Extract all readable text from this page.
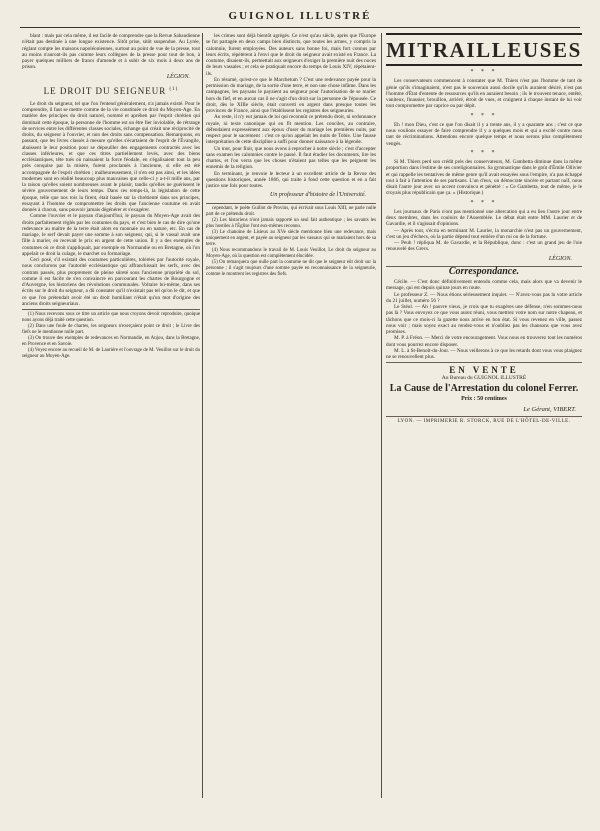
GUIGNOL ILLUSTRÉ

blant : mais par cela même, il est facile de comprendre que la Revue Sabaudienne n'était pas destinée à une longue existence. Sitôt prise, sitôt suspendue. Au Lyrée, réglant compte les maisons napoléoniennes, surtout au point de vue de la presse, tout au moins n'auront-ils pas comme leurs collègues de la presse pour tout de bon, à payer quelques milliers de francs d'amende et à subir de six mois à deux ans de prison.

LÉGION.
LE DROIT DU SEIGNEUR $^{(1)}$

Le droit du seigneur, tel que l'on l'entend généralement, n'a jamais existé. Pour le comprendre, il faut se mettre comme de la vie constituée ce droit du Moyen-Age. En matière des principes du droit naturel, nommé et apréhen par l'esprit chrétien qui dominait cette époque, la personne de l'homme est un être fier inviolable, de rétrange de services entre les différentes classes sociales, échange qui créait une réciprocité de droits, du seigneur à l'ouvrier, et non des droits sans compensation. Remarquons, en passant, que les livres classés à mesure qu'elles s'écartaient de l'esprit de l'Évangile, abaissent le leur position pour se dépouiller des engagements contractés avec les classes inférieures, et que ces titres partiellement levés, avec des biens ecclésiastiques, tête tués où naissaient la force féodale, en s'égalisaient tout la peu près conquise par la misère, furent proclamés à l'ancienne, si elle est été accompagnée de l'esprit chrétien ; malheureusement, il n'en est pas ainsi, et les idées modernes sont en réalité beaucoup plus mauvaises que celle-ci y a-t-il mille ans, par la raison qu'elles soient nombreuses avant le plaisir, tandis qu'elles ne guérissent le sévère gouvernement de leurs temps. Dans ces temps-là, la législation de cette époque, telle que nos rois la firent, était basée sur la chrétienté dans ses principes, essayant à l'homme de compromettre les droits que l'ancienne coutume en avait donnés à chacun, sans pouvoir jamais dégénérer et s'exagérer.

Comme l'ouvrier et le paysan d'aujourd'hui, le paysan du Moyen-Age avait des droits parfaitement réglés par les coutumes du pays, et c'est bien le cas de dire qu'une redevance au maître de la terre était alors en monnaie ou en nature, etc. En cas de mariage, le serf devait payer une somme à son seigneur, qui, si le vassal avait une fille à marier, en recevait le prix en argent de cette union. Il y a des exemples de coutumes où ce droit s'appliquait, par exemple en Normandie ou en Bretagne, où l'on appelait ce droit la culage, le marchet ou formariage.

Ceci posé, s'il existait des coutumes particulières, tolérées par l'autorité royale, nous conclurons par l'autorité ecclésiastique qui affranchissait les serfs, avec des contrats passés, plus proprement de pleine sûreté sous l'ancienne propriété du sol, comme il est facile de s'en convaincre en parcourant les chartes de Bourgogne et d'Auvergne, les historiens des révolutions communales. Voltaire lui-même, dans ses écrits sur le droit du seigneur, a dû constater qu'il n'existait pas tel qu'on le dit, et que ce que l'on prétendait avoir été un droit humiliant n'était qu'un mot d'origine des anciens droits seigneuriaux.

(1) Nous recevons sous ce titre un article que nous croyons devoir reproduire, quoique nous ayons déjà traité cette question.

(2) Dans une foule de chartes, les seigneurs n'exerçaient point ce droit ; le Livre des fiefs ne le mentionne nulle part.

(3) On trouve des exemples de redevances en Normandie, en Anjou, dans la Bretagne, en Provence et en Savoie.

(4) Voyez encore au recueil de M. de Laurière et l'ouvrage de M. Veuillot sur le droit du seigneur au Moyen-Age.

les crimes sont déjà bientôt agrégés. Ce n'est qu'au siècle, après que l'Europe se fut partagée en deux camps bien distincts, que toutes les armes, y compris la calomnie, furent employées. Des auteurs sans bonne foi, mais fort connus par leurs écrits, répétèrent à l'envi que le droit du seigneur avait existé en France. La coutume, disaient-ils, permettait aux seigneurs d'exiger la première nuit des noces de leurs vassales ; et cela se pratiquait encore du temps de Louis XIV, répétaient-ils.

En résumé, qu'est-ce que le Marchetum ? C'est une redevance payée pour la permission du mariage, de la sortie d'une terre, et non une chose infâme. Dans les campagnes, les paysans le payaient au seigneur pour l'autorisation de se marier hors du fief, et en aucun cas il ne s'agit d'un droit sur la personne de l'épousée. Ce droit, dès le XIIIe siècle, était converti en argent dans presque toutes les provinces de France, ainsi que l'établissent les registres des seigneuries.

Au reste, il n'y eut jamais de loi qui reconnût ce prétendu droit, ni ordonnance royale, ni texte canonique qui en fît mention. Les conciles, au contraire, défendaient expressément aux époux d'user du mariage les premières nuits, par respect pour le sacrement : c'est ce qu'on appelait les nuits de Tobie. Une fausse interprétation de cette discipline a suffi pour donner naissance à la légende.

Un mot, pour finir, que nous avons à reprocher à notre siècle ; c'est d'accepter sans examen les calomnies contre le passé. Il faut étudier les documents, lire les chartes, et l'on verra que les choses n'étaient pas telles que les peignent les ennemis de la religion.

En terminant, je renvoie le lecteur à un excellent article de la Revue des questions historiques, année 1866, qui traite à fond cette question et en a fait justice une fois pour toutes.

Un professeur d'histoire de l'Université.

cependant, le poète Guillot de Provins, qui écrivait sous Louis XIII, ne parle nulle part de ce prétendu droit.

(2) Les historiens n'ont jamais rapporté un seul fait authentique ; les savants les plus hostiles à l'Église l'ont eux-mêmes reconnu.

(3) Le chanoine de Lisieux au XVe siècle mentionne bien une redevance, mais uniquement en argent, et payée au seigneur par les vassaux qui se mariaient hors de sa terre.

(4) Nous recommandons le travail de M. Louis Veuillot, Le droit du seigneur au Moyen-Age, où la question est complètement élucidée.

(5) On remarquera que nulle part la coutume ne dit que le seigneur eût droit sur la personne ; il s'agit toujours d'une somme payée en reconnaissance de la seigneurie, comme le montrent les registres des fiefs.

MITRAILLEUSES
* * *

Les conservateurs commencent à constater que M. Thiers n'est pas l'homme de tant de génie qu'ils s'imaginaient, n'est pas le souverain aussi docile qu'ils auraient désiré, n'est pas l'homme d'État d'entente de ressources qu'ils en auraient besoin ; ils le trouvent tenace, entêté, vaniteux, finassier, brouillon, arriéré, étroit de vues, et craignent à chaque instant de lui voir tout compromettre par caprice ou par dépit.

* * *

Eh ! mon Dieu, c'est ce que l'on disait il y a trente ans, il y a quarante ans ; c'est ce que nous voulions essayer de faire comprendre il y a quelques mois et qui a excité contre nous tant de récriminations. Attendons encore quelque temps et nous serons plus complètement vengés.

* * *

Si M. Thiers perd son crédit près des conservateurs, M. Gambetta diminue dans la même proportion dans l'estime de ses coreligionnaires. Sa gymnastique dans le goût d'Émile Ollivier et qui rappelle les tentatives de même genre qu'il avait essayées sous l'empire, n'a pas échappé tout à fait à l'attention de ses partisans. L'un d'eux, un démocrate sincère et partant naïf, nous disait l'autre jour avec un accent convaincu et pénétré : « Ce Gambetta, tout de même, je le croyais plus républicain que ça. » (Historique.)

* * *

Les journaux de Paris n'ont pas mentionné une altercation qui a eu lieu l'autre jour entre deux membres, dans les couloirs de l'Assemblée. Le débat était entre MM. Laurier et de Gavardie, et il s'agissait d'opinions.

— Après tout, s'écria en terminant M. Laurier, la monarchie n'est pas un gouvernement, c'est un jeu d'échecs, où la partie dépend tout entière d'un roi ou de la fortune.

— Peuh ! répliqua M. de Gavardie, et la République, donc : c'est un grand jeu de l'oie renouvelé des Grecs.

LÉGION.
Correspondance.

Cécile. — C'est donc définitivement entendu comme cela, mais alors que va devenir le message, qui est depuis quinze jours en route.

Le professeur Z. — Nous étions sérieusement inquiet. — N'avez-vous pas lu votre article du 21 juillet, numéro 56 ?

Le Stéol. — Ah ! pauvre vieux, je crois que tu exagères une défense, n'en sommes-nous pas là ? Vous envoyez ce que vous aurez réuni, vous mettrez votre nom sur notre chapeau, et tâchons que ce mois-ci la gazette nous arrive en bon état. Si vous revenez en ville, passez nous voir ; mais soyez exact au rendez-vous et n'oubliez pas les chansons que vous avez promises.

M. P. à Fréon. — Merci de votre encouragement. Vous nous en trouverez tout les numéros dont vous pourrez encore disposer.

M. L. à St-Benoît-du-Jour. — Nous veillerons à ce que les retards dont vous vous plaignez ne se renouvellent plus.

EN VENTE
Au Bureau du GUIGNOL ILLUSTRÉ
La Cause de l'Arrestation du colonel Ferrer.
Prix : 50 centimes
Le Gérant, VIBERT.
LYON. — IMPRIMERIE R. STORCK, RUE DE L'HÔTEL-DE-VILLE.
